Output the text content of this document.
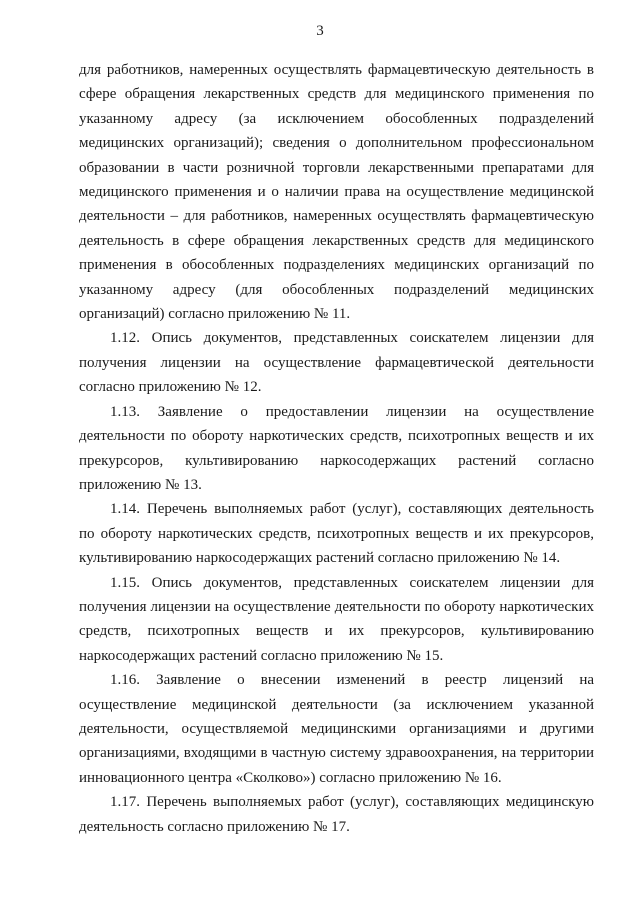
3

для работников, намеренных осуществлять фармацевтическую деятельность в сфере обращения лекарственных средств для медицинского применения по указанному адресу (за исключением обособленных подразделений медицинских организаций); сведения о дополнительном профессиональном образовании в части розничной торговли лекарственными препаратами для медицинского применения и о наличии права на осуществление медицинской деятельности – для работников, намеренных осуществлять фармацевтическую деятельность в сфере обращения лекарственных средств для медицинского применения в обособленных подразделениях медицинских организаций по указанному адресу (для обособленных подразделений медицинских организаций) согласно приложению № 11.

1.12. Опись документов, представленных соискателем лицензии для получения лицензии на осуществление фармацевтической деятельности согласно приложению № 12.

1.13. Заявление о предоставлении лицензии на осуществление деятельности по обороту наркотических средств, психотропных веществ и их прекурсоров, культивированию наркосодержащих растений согласно приложению № 13.

1.14. Перечень выполняемых работ (услуг), составляющих деятельность по обороту наркотических средств, психотропных веществ и их прекурсоров, культивированию наркосодержащих растений согласно приложению № 14.

1.15. Опись документов, представленных соискателем лицензии для получения лицензии на осуществление деятельности по обороту наркотических средств, психотропных веществ и их прекурсоров, культивированию наркосодержащих растений согласно приложению № 15.

1.16. Заявление о внесении изменений в реестр лицензий на осуществление медицинской деятельности (за исключением указанной деятельности, осуществляемой медицинскими организациями и другими организациями, входящими в частную систему здравоохранения, на территории инновационного центра «Сколково») согласно приложению № 16.

1.17. Перечень выполняемых работ (услуг), составляющих медицинскую деятельность согласно приложению № 17.
